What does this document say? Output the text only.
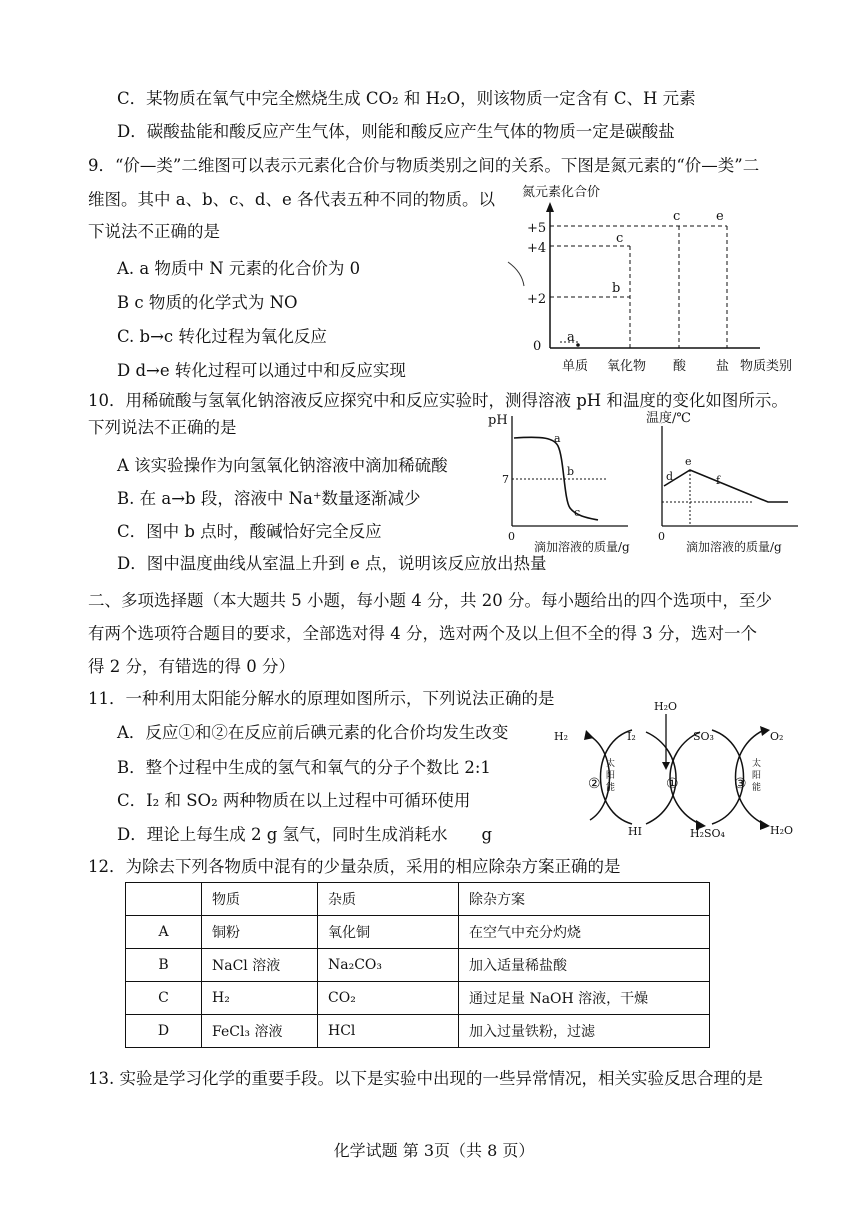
C．某物质在氧气中完全燃烧生成 CO₂ 和 H₂O，则该物质一定含有 C、H 元素
D．碳酸盐能和酸反应产生气体，则能和酸反应产生气体的物质一定是碳酸盐
9．“价—类”二维图可以表示元素化合价与物质类别之间的关系。下图是氮元素的“价—类”二
维图。其中 a、b、c、d、e 各代表五种不同的物质。以
下说法不正确的是
A. a 物质中 N 元素的化合价为 0
B c 物质的化学式为 NO
C. b→c 转化过程为氧化反应
D d→e 转化过程可以通过中和反应实现
氮元素化合价
+5
+4
+2
0
a
b
c
c	e
单质 氧化物 酸 盐 物质类别
10．用稀硫酸与氢氧化钠溶液反应探究中和反应实验时，测得溶液 pH 和温度的变化如图所示。
下列说法不正确的是
A 该实验操作为向氢氧化钠溶液中滴加稀硫酸
B. 在 a→b 段，溶液中 Na⁺数量逐渐减少
C．图中 b 点时，酸碱恰好完全反应
D．图中温度曲线从室温上升到 e 点，说明该反应放出热量
pH
7
a
b
c
0
滴加溶液的质量/g
温度/℃
d
e
f
0
滴加溶液的质量/g
二、多项选择题（本大题共 5 小题，每小题 4 分，共 20 分。每小题给出的四个选项中，至少
有两个选项符合题目的要求，全部选对得 4 分，选对两个及以上但不全的得 3 分，选对一个
得 2 分，有错选的得 0 分）
11．一种利用太阳能分解水的原理如图所示，下列说法正确的是
A．反应①和②在反应前后碘元素的化合价均发生改变
B．整个过程中生成的氢气和氧气的分子个数比 2:1
C．I₂ 和 SO₂ 两种物质在以上过程中可循环使用
D．理论上每生成 2 g 氢气，同时生成消耗水 g
H₂O
H₂	I₂	SO₃	O₂
HI	H₂SO₄	H₂O
②	①	③
太
阳
能
太
阳
能
12．为除去下列各物质中混有的少量杂质，采用的相应除杂方案正确的是
	物质	杂质	除杂方案
A	铜粉	氧化铜	在空气中充分灼烧
B	NaCl 溶液	Na₂CO₃	加入适量稀盐酸
C	H₂	CO₂	通过足量 NaOH 溶液，干燥
D	FeCl₃ 溶液	HCl	加入过量铁粉，过滤
13. 实验是学习化学的重要手段。以下是实验中出现的一些异常情况，相关实验反思合理的是
化学试题 第 3页（共 8 页）
